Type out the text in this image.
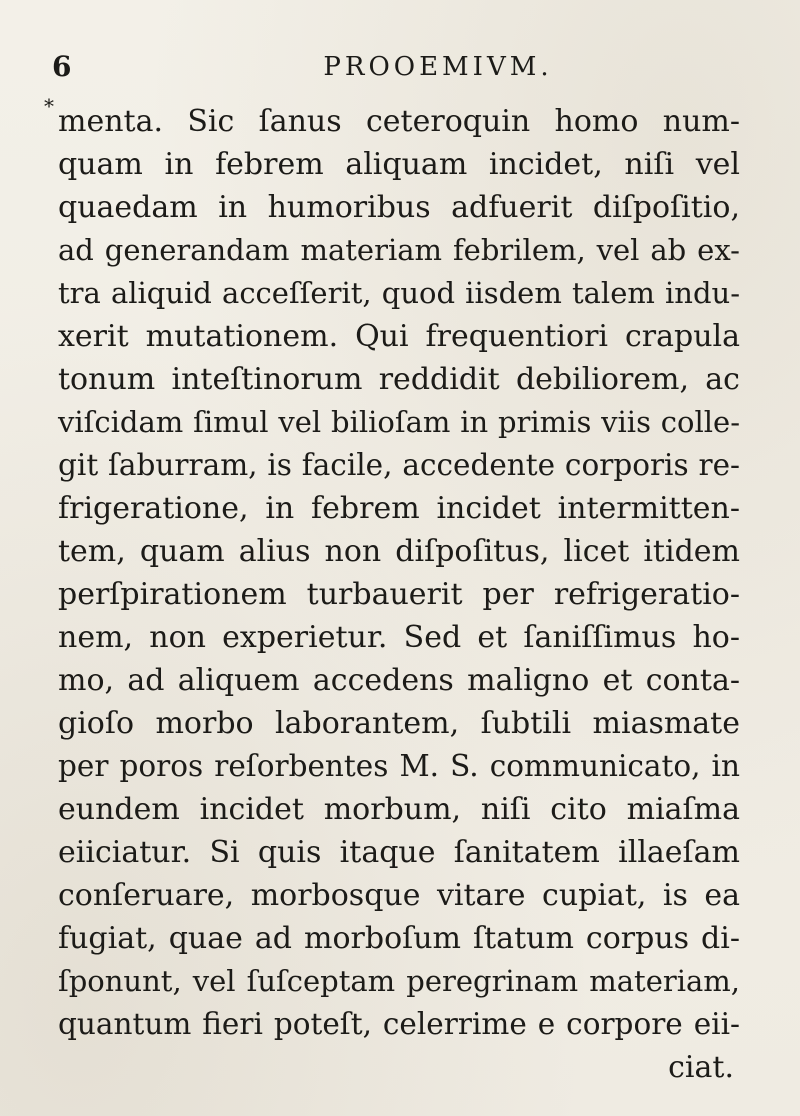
6	PROOEMIVM.
* menta. Sic ſanus ceteroquin homo num-
quam in febrem aliquam incidet, niſi vel
quaedam in humoribus adfuerit diſpoſitio,
ad generandam materiam febrilem, vel ab ex-
tra aliquid acceſſerit, quod iisdem talem indu-
xerit mutationem. Qui frequentiori crapula
tonum inteſtinorum reddidit debiliorem, ac
viſcidam ſimul vel bilioſam in primis viis colle-
git ſaburram, is facile, accedente corporis re-
frigeratione, in febrem incidet intermitten-
tem, quam alius non diſpoſitus, licet itidem
perſpirationem turbauerit per refrigeratio-
nem, non experietur. Sed et ſaniſſimus ho-
mo, ad aliquem accedens maligno et conta-
gioſo morbo laborantem, ſubtili miasmate
per poros reſorbentes M. S. communicato, in
eundem incidet morbum, niſi cito miaſma
eiiciatur. Si quis itaque ſanitatem illaeſam
conſeruare, morbosque vitare cupiat, is ea
fugiat, quae ad morboſum ſtatum corpus di-
ſponunt, vel ſuſceptam peregrinam materiam,
quantum fieri poteſt, celerrime e corpore eii-
ciat.
